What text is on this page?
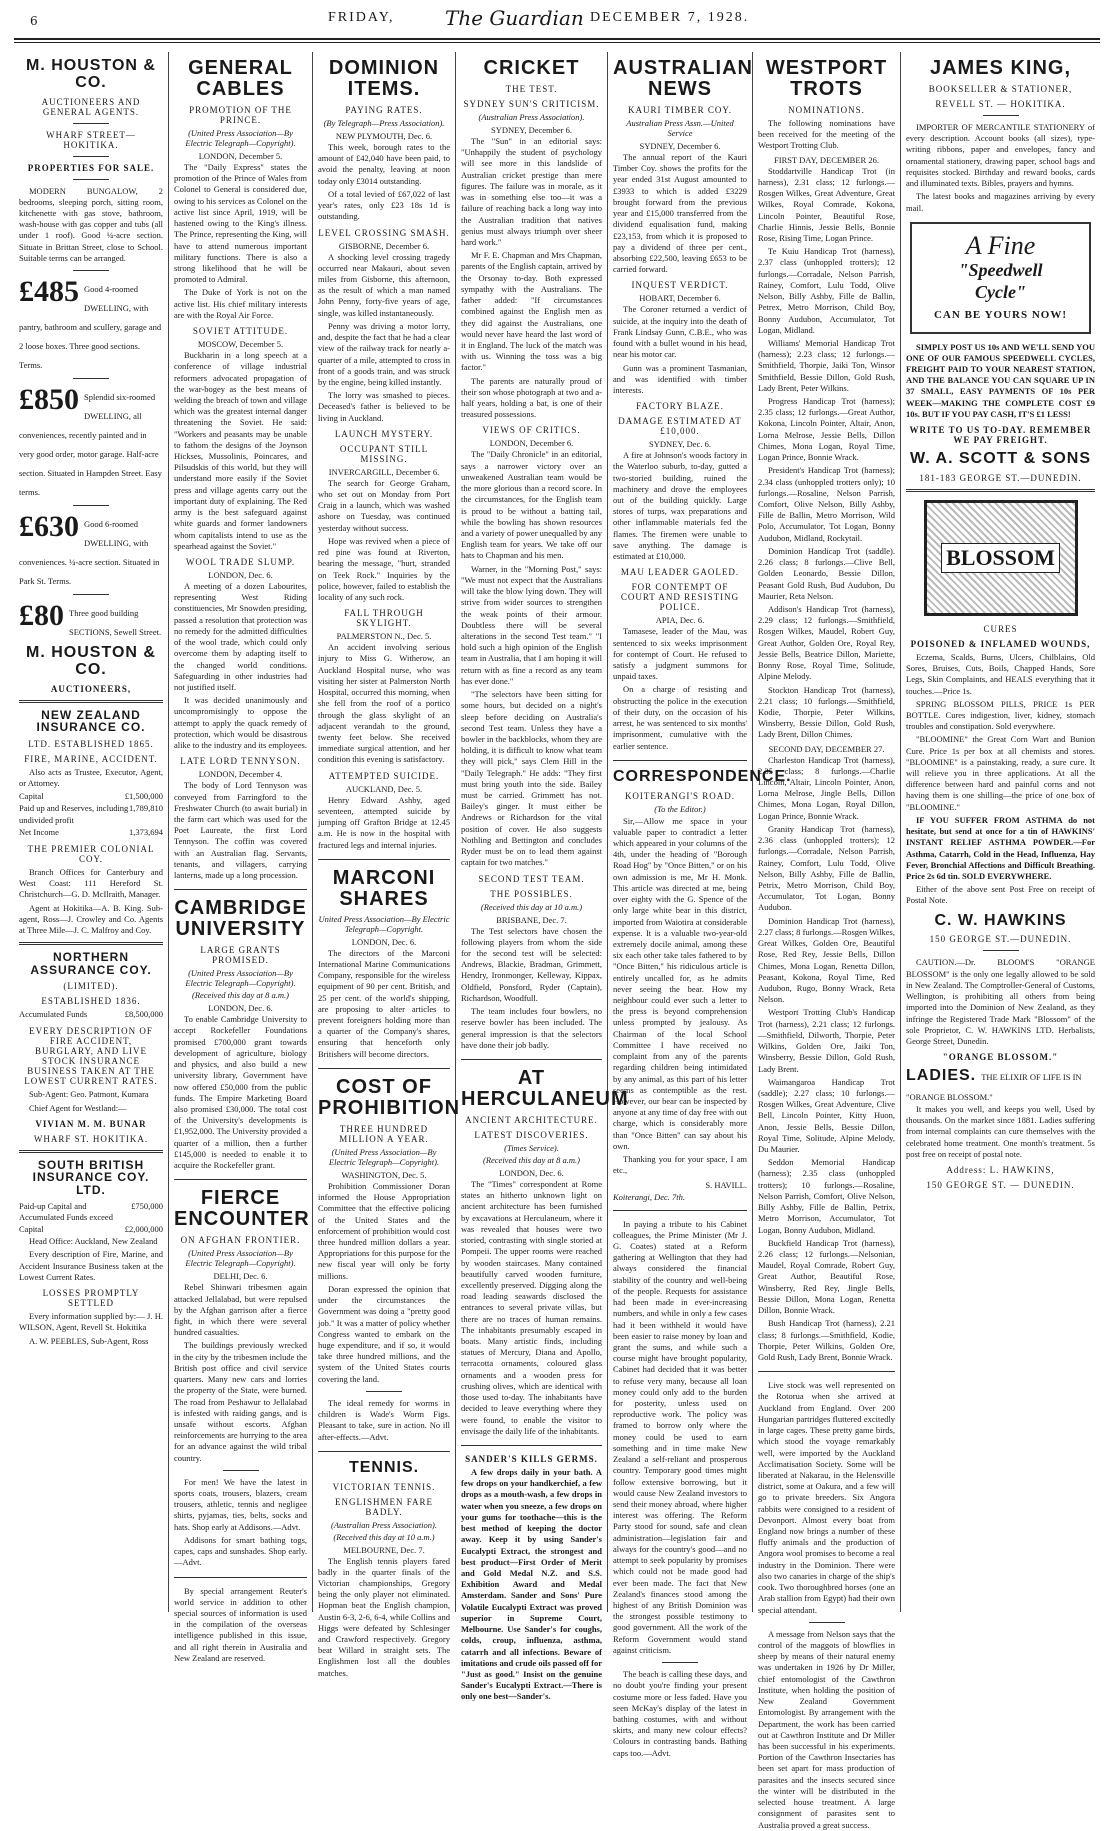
6	FRIDAY,	The Guardian DECEMBER 7, 1928.
M. HOUSTON & CO.
AUCTIONEERS AND GENERAL AGENTS.
WHARF STREET—HOKITIKA.
PROPERTIES FOR SALE.

MODERN BUNGALOW, 2 bedrooms, sleeping porch, sitting room, kitchenette with gas stove, bathroom, wash-house with gas copper and tubs (all under 1 roof). Good ¼-acre section. Situate in Brittan Street, close to School. Suitable terms can be arranged.

£485 Good 4-roomed DWELLING, with pantry, bathroom and scullery, garage and 2 loose boxes. Three good sections. Terms.
£850 Splendid six-roomed DWELLING, all conveniences, recently painted and in very good order, motor garage. Half-acre section. Situated in Hampden Street. Easy terms.
£630 Good 6-roomed DWELLING, with conveniences. ¼-acre section. Situated in Park St. Terms.
£80 Three good building SECTIONS, Sewell Street.
M. HOUSTON & CO.
AUCTIONEERS,
NEW ZEALAND INSURANCE CO.
LTD. ESTABLISHED 1865.
FIRE, MARINE, ACCIDENT.

Also acts as Trustee, Executor, Agent, or Attorney.

Capital	£1,500,000
Paid up and Reserves, including undivided profit
1,789,810
Net Income	1,373,694
THE PREMIER COLONIAL COY.

Branch Offices for Canterbury and West Coast: 111 Hereford St. Christchurch—G. D. McIlraith, Manager.

Agent at Hokitika—A. B. King. Sub-agent, Ross—J. Crowley and Co. Agents at Three Mile—J. C. Malfroy and Coy.

NORTHERN ASSURANCE COY.
(LIMITED).
ESTABLISHED 1836.
Accumulated Funds	£8,500,000
EVERY DESCRIPTION OF FIRE ACCIDENT, BURGLARY, AND LIVE STOCK INSURANCE BUSINESS TAKEN AT THE LOWEST CURRENT RATES.

Sub-Agent: Geo. Patmont, Kumara

Chief Agent for Westland:—

VIVIAN M. M. BUNAR
WHARF ST. HOKITIKA.
SOUTH BRITISH INSURANCE COY. LTD.
Paid-up Capital and Accumulated Funds exceed
£750,000
Capital	£2,000,000

Head Office: Auckland, New Zealand

Every description of Fire, Marine, and Accident Insurance Business taken at the Lowest Current Rates.

LOSSES PROMPTLY SETTLED

Every information supplied by:— J. H. WILSON, Agent, Revell St. Hokitika

A. W. PEEBLES, Sub-Agent, Ross

GENERAL CABLES
PROMOTION OF THE PRINCE.
(United Press Association—By Electric Telegraph—Copyright).
LONDON, December 5.

The "Daily Express" states the promotion of the Prince of Wales from Colonel to General is considered due, owing to his services as Colonel on the active list since April, 1919, will be hastened owing to the King's illness. The Prince, representing the King, will have to attend numerous important military functions. There is also a strong likelihood that he will be promoted to Admiral.

The Duke of York is not on the active list. His chief military interests are with the Royal Air Force.

SOVIET ATTITUDE.
MOSCOW, December 5.

Buckharin in a long speech at a conference of village industrial reformers advocated propagation of the war-bogey as the best means of welding the breach of town and village which was the greatest internal danger threatening the Soviet. He said: "Workers and peasants may be unable to fathom the designs of the Joynson Hickses, Mussolinis, Poincares, and Pilsudskis of this world, but they will understand more easily if the Soviet press and village agents carry out the important duty of explaining. The Red army is the best safeguard against white guards and former landowners whom capitalists intend to use as the spearhead against the Soviet."

WOOL TRADE SLUMP.
LONDON, Dec. 6.

A meeting of a dozen Labourites, representing West Riding constituencies, Mr Snowden presiding, passed a resolution that protection was no remedy for the admitted difficulties of the wool trade, which could only overcome them by adapting itself to the changed world conditions. Safeguarding in other industries had not justified itself.

It was decided unanimously and uncompromisingly to oppose the attempt to apply the quack remedy of protection, which would be disastrous alike to the industry and its employees.

LATE LORD TENNYSON.
LONDON, December 4.

The body of Lord Tennyson was conveyed from Farringford to the Freshwater Church (to await burial) in the farm cart which was used for the Poet Laureate, the first Lord Tennyson. The coffin was covered with an Australian flag. Servants, tenants, and villagers, carrying lanterns, made up a long procession.

CAMBRIDGE UNIVERSITY
LARGE GRANTS PROMISED.
(United Press Association—By Electric Telegraph—Copyright).
(Received this day at 8 a.m.)
LONDON, Dec. 6.

To enable Cambridge University to accept Rockefeller Foundations promised £700,000 grant towards development of agriculture, biology and physics, and also build a new university library, Government have now offered £50,000 from the public funds. The Empire Marketing Board also promised £30,000. The total cost of the University's developments is £1,952,000. The University provided a quarter of a million, then a further £145,000 is needed to enable it to acquire the Rockefeller grant.

FIERCE ENCOUNTER
ON AFGHAN FRONTIER.
(United Press Association—By Electric Telegraph—Copyright).
DELHI, Dec. 6.

Rebel Shinwari tribesmen again attacked Jellalabad, but were repulsed by the Afghan garrison after a fierce fight, in which there were several hundred casualties.

The buildings previously wrecked in the city by the tribesmen include the British post office and civil service quarters. Many new cars and lorries the property of the State, were burned. The road from Peshawur to Jellalabad is infested with raiding gangs, and is unsafe without escorts. Afghan reinforcements are hurrying to the area for an advance against the wild tribal country.

For men! We have the latest in sports coats, trousers, blazers, cream trousers, athletic, tennis and negligee shirts, pyjamas, ties, belts, socks and hats. Shop early at Addisons.—Advt.

Addisons for smart bathing togs, capes, caps and sunshades. Shop early.—Advt.

By special arrangement Reuter's world service in addition to other special sources of information is used in the compilation of the overseas intelligence published in this issue, and all right therein in Australia and New Zealand are reserved.

DOMINION ITEMS.
PAYING RATES.
(By Telegraph—Press Association).
NEW PLYMOUTH, Dec. 6.

This week, borough rates to the amount of £42,040 have been paid, to avoid the penalty, leaving at noon today only £3014 outstanding.

Of a total levied of £67,022 of last year's rates, only £23 18s 1d is outstanding.

LEVEL CROSSING SMASH.
GISBORNE, December 6.

A shocking level crossing tragedy occurred near Makauri, about seven miles from Gisborne, this afternoon, as the result of which a man named John Penny, forty-five years of age, single, was killed instantaneously.

Penny was driving a motor lorry, and, despite the fact that he had a clear view of the railway track for nearly a-quarter of a mile, attempted to cross in front of a goods train, and was struck by the engine, being killed instantly.

The lorry was smashed to pieces. Deceased's father is believed to be living in Auckland.

LAUNCH MYSTERY.
OCCUPANT STILL MISSING.
INVERCARGILL, December 6.

The search for George Graham, who set out on Monday from Port Craig in a launch, which was washed ashore on Tuesday, was continued yesterday without success.

Hope was revived when a piece of red pine was found at Riverton, bearing the message, "hurt, stranded on Teek Rock." Inquiries by the police, however, failed to establish the locality of any such rock.

FALL THROUGH SKYLIGHT.
PALMERSTON N., Dec. 5.

An accident involving serious injury to Miss G. Witherow, an Auckland Hospital nurse, who was visiting her sister at Palmerston North Hospital, occurred this morning, when she fell from the roof of a portico through the glass skylight of an adjacent verandah to the ground, twenty feet below. She received immediate surgical attention, and her condition this evening is satisfactory.

ATTEMPTED SUICIDE.
AUCKLAND, Dec. 5.

Henry Edward Ashby, aged seventeen, attempted suicide by jumping off Grafton Bridge at 12.45 a.m. He is now in the hospital with fractured legs and internal injuries.

MARCONI SHARES
United Press Association—By Electric Telegraph—Copyright.
LONDON, Dec. 6.

The directors of the Marconi International Marine Communications Company, responsible for the wireless equipment of 90 per cent. British, and 25 per cent. of the world's shipping, are proposing to alter articles to prevent foreigners holding more than a quarter of the Company's shares, ensuring that henceforth only Britishers will become directors.

COST OF PROHIBITION
THREE HUNDRED MILLION A YEAR.
(United Press Association—By Electric Telegraph—Copyright).
WASHINGTON, Dec. 5.

Prohibition Commissioner Doran informed the House Appropriation Committee that the effective policing of the United States and the enforcement of prohibition would cost three hundred million dollars a year. Appropriations for this purpose for the new fiscal year will only be forty millions.

Doran expressed the opinion that under the circumstances the Government was doing a "pretty good job." It was a matter of policy whether Congress wanted to embark on the huge expenditure, and if so, it would take three hundred millions, and the system of the United States courts covering the land.

The ideal remedy for worms in children is Wade's Worm Figs. Pleasant to take, sure in action. No ill after-effects.—Advt.

TENNIS.
VICTORIAN TENNIS.
ENGLISHMEN FARE BADLY.
(Australian Press Association).
(Received this day at 10 a.m.)
MELBOURNE, Dec. 7.

The English tennis players fared badly in the quarter finals of the Victorian championships, Gregory being the only player not eliminated. Hopman beat the English champion, Austin 6-3, 2-6, 6-4, while Collins and Higgs were defeated by Schlesinger and Crawford respectively. Gregory beat Willard in straight sets. The Englishmen lost all the doubles matches.

CRICKET
THE TEST.
SYDNEY SUN'S CRITICISM.
(Australian Press Association).
SYDNEY, December 6.

The "Sun" in an editorial says: "Unhappily the student of psychology will see more in this landslide of Australian cricket prestige than mere figures. The failure was in morale, as it was in something else too—it was a failure of reaching back a long way into the Australian tradition that natives genius must always triumph over sheer hard work."

Mr F. E. Chapman and Mrs Chapman, parents of the English captain, arrived by the Orsonay to-day. Both expressed sympathy with the Australians. The father added: "If circumstances combined against the English men as they did against the Australians, one would never have heard the last word of it in England. The luck of the match was with us. Winning the toss was a big factor."

The parents are naturally proud of their son whose photograph at two and a-half years, holding a bat, is one of their treasured possessions.

VIEWS OF CRITICS.
LONDON, December 6.

The "Daily Chronicle" in an editorial, says a narrower victory over an unweakened Australian team would be the more glorious than a record score. In the circumstances, for the English team is proud to be without a batting tail, while the bowling has shown resources and a variety of power unequalled by any English team for years. We take off our hats to Chapman and his men.

Warner, in the "Morning Post," says: "We must not expect that the Australians will take the blow lying down. They will strive from wider sources to strengthen the weak points of their armour. Doubtless there will be several alterations in the second Test team." "I hold such a high opinion of the English team in Australia, that I am hoping it will return with as fine a record as any team has ever done."

"The selectors have been sitting for some hours, but decided on a night's sleep before deciding on Australia's second Test team. Unless they have a bowler in the backblocks, whom they are holding, it is difficult to know what team they will pick," says Clem Hill in the "Daily Telegraph." He adds: "They first must bring youth into the side. Bailey must be carried. Grimmett has not. Bailey's ginger. It must either be Andrews or Richardson for the vital position of cover. He also suggests Nothling and Bettington and concludes Ryder must be on to lead them against captain for two matches."

SECOND TEST TEAM.
THE POSSIBLES.
(Received this day at 10 a.m.)
BRISBANE, Dec. 7.

The Test selectors have chosen the following players from whom the side for the second test will be selected: Andrews, Blackie, Bradman, Grimmett, Hendry, Ironmonger, Kelleway, Kippax, Oldfield, Ponsford, Ryder (Captain), Richardson, Woodfull.

The team includes four bowlers, no reserve bowler has been included. The general impression is that the selectors have done their job badly.

AT HERCULANEUM
ANCIENT ARCHITECTURE.
LATEST DISCOVERIES.
(Times Service).
(Received this day at 8 a.m.)
LONDON, Dec. 6.

The "Times" correspondent at Rome states an hitherto unknown light on ancient architecture has been furnished by excavations at Herculaneum, where it was revealed that houses were two storied, contrasting with single storied at Pompeii. The upper rooms were reached by wooden staircases. Many contained beautifully carved wooden furniture, excellently preserved. Digging along the road leading seawards disclosed the entrances to several private villas, but there are no traces of human remains. The inhabitants presumably escaped in boats. Many artistic finds, including statues of Mercury, Diana and Apollo, terracotta ornaments, coloured glass ornaments and a wooden press for crushing olives, which are identical with those used to-day. The inhabitants have decided to leave everything where they were found, to enable the visitor to envisage the daily life of the inhabitants.

SANDER'S KILLS GERMS.

A few drops daily in your bath. A few drops on your handkerchief, a few drops as a mouth-wash, a few drops in water when you sneeze, a few drops on your gums for toothache—this is the best method of keeping the doctor away. Keep it by using Sander's Eucalypti Extract, the strongest and best product—First Order of Merit and Gold Medal N.Z. and S.S. Exhibition Award and Medal Amsterdam. Sander and Sons' Pure Volatile Eucalypti Extract was proved superior in Supreme Court, Melbourne. Use Sander's for coughs, colds, croup, influenza, asthma, catarrh and all infections. Beware of imitations and crude oils passed off for "Just as good." Insist on the genuine Sander's Eucalypti Extract.—There is only one best—Sander's.

AUSTRALIAN NEWS
KAURI TIMBER COY.
Australian Press Assn.—United Service
SYDNEY, December 6.

The annual report of the Kauri Timber Coy. shows the profits for the year ended 31st August amounted to £3933 to which is added £3229 brought forward from the previous year and £15,000 transferred from the dividend equalisation fund, making £23,153, from which it is proposed to pay a dividend of three per cent., absorbing £22,500, leaving £653 to be carried forward.

INQUEST VERDICT.
HOBART, December 6.

The Coroner returned a verdict of suicide, at the inquiry into the death of Frank Lindsay Gunn, C.B.E., who was found with a bullet wound in his head, near his motor car.

Gunn was a prominent Tasmanian, and was identified with timber interests.

FACTORY BLAZE.
DAMAGE ESTIMATED AT £10,000.
SYDNEY, Dec. 6.

A fire at Johnson's woods factory in the Waterloo suburb, to-day, gutted a two-storied building, ruined the machinery and drove the employees out of the building quickly. Large stores of turps, wax preparations and other inflammable materials fed the flames. The firemen were unable to save anything. The damage is estimated at £10,000.

MAU LEADER GAOLED.
FOR CONTEMPT OF COURT AND RESISTING POLICE.
APIA, Dec. 6.

Tamasese, leader of the Mau, was sentenced to six weeks imprisonment for contempt of Court. He refused to satisfy a judgment summons for unpaid taxes.

On a charge of resisting and obstructing the police in the execution of their duty, on the occasion of his arrest, he was sentenced to six months' imprisonment, cumulative with the earlier sentence.

CORRESPONDENCE.
KOITERANGI'S ROAD.
(To the Editor.)

Sir,—Allow me space in your valuable paper to contradict a letter which appeared in your columns of the 4th, under the heading of "Borough Road Hog" by "Once Bitten," or on his own admission is me, Mr H. Monk. This article was directed at me, being over eighty with the G. Spence of the only large white bear in this district, imported from Waiotira at considerable expense. It is a valuable two-year-old extremely docile animal, among these six each other take tales fathered to by "Once Bitten," his ridiculous article is entirely uncalled for, as he admits never seeing the bear. How my neighbour could ever such a letter to the press is beyond comprehension unless prompted by jealousy. As Chairman of the local School Committee I have received no complaint from any of the parents regarding children being intimidated by any animal, as this part of his letter seems as contemptible as the rest. However, our bear can be inspected by anyone at any time of day free with out charge, which is considerably more than "Once Bitten" can say about his own.

Thanking you for your space, I am etc.,

S. HAVILL.
Koiterangi, Dec. 7th.

In paying a tribute to his Cabinet colleagues, the Prime Minister (Mr J. G. Coates) stated at a Reform gathering at Wellington that they had always considered the financial stability of the country and well-being of the people. Requests for assistance had been made in ever-increasing numbers, and while in only a few cases had it been withheld it would have been easier to raise money by loan and grant the sums, and while such a course might have brought popularity, Cabinet had decided that it was better to refuse very many, because all loan money could only add to the burden for posterity, unless used on reproductive work. The policy was framed to borrow only where the money could be used to earn something and in time make New Zealand a self-reliant and prosperous country. Temporary good times might follow extensive borrowing, but it would cause New Zealand investors to send their money abroad, where higher interest was offering. The Reform Party stood for sound, safe and clean administration—legislation fair and always for the country's good—and no attempt to seek popularity by promises which could not be made good had ever been made. The fact that New Zealand's finances stood among the highest of any British Dominion was the strongest possible testimony to good government. All the work of the Reform Government would stand against criticism.

The beach is calling these days, and no doubt you're finding your present costume more or less faded. Have you seen McKay's display of the latest in bathing costumes, with and without skirts, and many new colour effects? Colours in contrasting bands. Bathing caps too.—Advt.

WESTPORT TROTS
NOMINATIONS.

The following nominations have been received for the meeting of the Westport Trotting Club.

FIRST DAY, DECEMBER 26.

Stoddartville Handicap Trot (in harness), 2.31 class; 12 furlongs.—Rosgen Wilkes, Great Adventure, Great Wilkes, Royal Comrade, Kokona, Lincoln Pointer, Beautiful Rose, Charlie Hinnis, Jessie Bells, Bonnie Rose, Rising Time, Logan Prince.

Te Kuiu Handicap Trot (harness), 2.37 class (unhoppled trotters); 12 furlongs.—Corradale, Nelson Parrish, Rainey, Comfort, Lulu Todd, Olive Nelson, Billy Ashby, Fille de Ballin, Petrex, Metro Morrison, Child Boy, Bonny Audubon, Accumulator, Tot Logan, Midland.

Williams' Memorial Handicap Trot (harness); 2.23 class; 12 furlongs.—Smithfield, Thorpie, Jaiki Ton, Winsor Smithfield, Bessie Dillon, Gold Rush, Lady Brent, Peter Wilkins.

Progress Handicap Trot (harness); 2.35 class; 12 furlongs.—Great Author, Kokona, Lincoln Pointer, Altair, Anon, Lorna Melrose, Jessie Bells, Dillon Chimes, Mona Logan, Royal Time, Logan Prince, Bonnie Wrack.

President's Handicap Trot (harness); 2.34 class (unhoppled trotters only); 10 furlongs.—Rosaline, Nelson Parrish, Comfort, Olive Nelson, Billy Ashby, Fille de Ballin, Metro Morrison, Wild Polo, Accumulator, Tot Logan, Bonny Audubon, Midland, Rockytail.

Dominion Handicap Trot (saddle). 2.26 class; 8 furlongs.—Clive Bell, Golden Leonardo, Bessie Dillon, Peasant Gold Rush, Bud Audubon, Du Maurier, Reta Nelson.

Addison's Handicap Trot (harness), 2.29 class; 12 furlongs.—Smithfield, Rosgen Wilkes, Maudel, Robert Guy, Great Author, Golden Ore, Royal Rey, Jessie Bells, Beatrice Dillon, Mariette, Bonny Rose, Royal Time, Solitude, Alpine Melody.

Stockton Handicap Trot (harness), 2.21 class; 10 furlongs.—Smithfield, Kodie, Thorpie, Peter Wilkins, Winsberry, Bessie Dillon, Gold Rush, Lady Brent, Dillon Chimes.

SECOND DAY, DECEMBER 27.

Charleston Handicap Trot (harness), 2.35 class; 8 furlongs.—Charlie Lincoln, Altair, Lincoln Pointer, Anon, Lorna Melrose, Jingle Bells, Dillon Chimes, Mona Logan, Royal Dillon, Logan Prince, Bonnie Wrack.

Granity Handicap Trot (harness), 2.36 class (unhoppled trotters); 12 furlongs.—Corradale, Nelson Parrish, Rainey, Comfort, Lulu Todd, Olive Nelson, Billy Ashby, Fille de Ballin, Petrix, Metro Morrison, Child Boy, Accumulator, Tot Logan, Bonny Audubon.

Dominion Handicap Trot (harness), 2.27 class; 8 furlongs.—Rosgen Wilkes, Great Wilkes, Golden Ore, Beautiful Rose, Red Rey, Jessie Bells, Dillon Chimes, Mona Logan, Renetta Dillon, Peasant, Kokona, Royal Time, Red Audubon, Rugo, Bonny Wrack, Reta Nelson.

Westport Trotting Club's Handicap Trot (harness), 2.21 class; 12 furlongs.—Smithfield, Dilworth, Thorpie, Peter Wilkins, Golden Ore, Jaiki Ton, Winsberry, Bessie Dillon, Gold Rush, Lady Brent.

Waimangaroa Handicap Trot (saddle); 2.27 class; 10 furlongs.—Rosgen Wilkes, Great Adventure, Clive Bell, Lincoln Pointer, Kitty Huon, Anon, Jessie Bells, Bessie Dillon, Royal Time, Solitude, Alpine Melody, Du Maurier.

Seddon Memorial Handicap (harness); 2.35 class (unhoppled trotters); 10 furlongs.—Rosaline, Nelson Parrish, Comfort, Olive Nelson, Billy Ashby, Fille de Ballin, Petrix, Metro Morrison, Accumulator, Tot Logan, Bonny Audubon, Midland.

Buckfield Handicap Trot (harness), 2.26 class; 12 furlongs.—Nelsonian, Maudel, Royal Comrade, Robert Guy, Great Author, Beautiful Rose, Winsberry, Red Rey, Jingle Bells, Bessie Dillon, Mona Logan, Renetta Dillon, Bonnie Wrack.

Bush Handicap Trot (harness), 2.21 class; 8 furlongs.—Smithfield, Kodie, Thorpie, Peter Wilkins, Golden Ore, Gold Rush, Lady Brent, Bonnie Wrack.

Live stock was well represented on the Rotorua when she arrived at Auckland from England. Over 200 Hungarian partridges fluttered excitedly in large cages. These pretty game birds, which stood the voyage remarkably well, were imported by the Auckland Acclimatisation Society. Some will be liberated at Nakarau, in the Helensville district, some at Oakura, and a few will go to private breeders. Six Angora rabbits were consigned to a resident of Devonport. Almost every boat from England now brings a number of these fluffy animals and the production of Angora wool promises to become a real industry in the Dominion. There were also two canaries in charge of the ship's cook. Two thoroughbred horses (one an Arab stallion from Egypt) had their own special attendant.

A message from Nelson says that the control of the maggots of blowflies in sheep by means of their natural enemy was undertaken in 1926 by Dr Miller, chief entomologist of the Cawthron Institute, when holding the position of New Zealand Government Entomologist. By arrangement with the Department, the work has been carried out at Cawthron Institute and Dr Miller has been successful in his experiments. Portion of the Cawthron Insectaries has been set apart for mass production of parasites and the insects secured since the winter will be distributed in the selected house treatment. A large consignment of parasites sent to Australia proved a great success.

JAMES KING,
BOOKSELLER & STATIONER,
REVELL ST. — HOKITIKA.

IMPORTER OF MERCANTILE STATIONERY of every description. Account books (all sizes), type-writing ribbons, paper and envelopes, fancy and ornamental stationery, drawing paper, school bags and requisites stocked. Birthday and reward books, cards and illuminated texts. Bibles, prayers and hymns.

The latest books and magazines arriving by every mail.

A Fine
"Speedwell
Cycle"
CAN BE YOURS NOW!

SIMPLY POST US 10s AND WE'LL SEND YOU ONE OF OUR FAMOUS SPEEDWELL CYCLES, FREIGHT PAID TO YOUR NEAREST STATION, AND THE BALANCE YOU CAN SQUARE UP IN 37 SMALL, EASY PAYMENTS OF 10s PER WEEK—MAKING THE COMPLETE COST £9 10s. BUT IF YOU PAY CASH, IT'S £1 LESS!

WRITE TO US TO-DAY. REMEMBER WE PAY FREIGHT.
W. A. SCOTT & SONS
181-183 GEORGE ST.—DUNEDIN.
BLOSSOM
CURES
POISONED & INFLAMED WOUNDS,

Eczema, Scalds, Burns, Ulcers, Chilblains, Old Sores, Bruises, Cuts, Boils, Chapped Hands, Sore Legs, Skin Complaints, and HEALS everything that it touches.—Price 1s.

SPRING BLOSSOM PILLS, PRICE 1s PER BOTTLE. Cures indigestion, liver, kidney, stomach troubles and constipation. Sold everywhere.

"BLOOMINE" the Great Corn Wart and Bunion Cure. Price 1s per box at all chemists and stores. "BLOOMINE" is a painstaking, ready, a sure cure. It will relieve you in three applications. At all the difference between hard and painful corns and not having them is one shilling—the price of one box of "BLOOMINE."

IF YOU SUFFER FROM ASTHMA do not hesitate, but send at once for a tin of HAWKINS' INSTANT RELIEF ASTHMA POWDER.—For Asthma, Catarrh, Cold in the Head, Influenza, Hay Fever, Bronchial Affections and Difficult Breathing. Price 2s 6d tin. SOLD EVERYWHERE.

Either of the above sent Post Free on receipt of Postal Note.

C. W. HAWKINS
150 GEORGE ST.—DUNEDIN.

CAUTION.—Dr. BLOOM'S "ORANGE BLOSSOM" is the only one legally allowed to be sold in New Zealand. The Comptroller-General of Customs, Wellington, is prohibiting all others from being imported into the Dominion of New Zealand, as they infringe the Registered Trade Mark "Blossom" of the sole Proprietor, C. W. HAWKINS LTD. Herbalists, George Street, Dunedin.

"ORANGE BLOSSOM."
LADIES. THE ELIXIR OF LIFE IS IN "ORANGE BLOSSOM."

It makes you well, and keeps you well, Used by thousands. On the market since 1881. Ladies suffering from internal complaints can cure themselves with the celebrated home treatment. One month's treatment. 5s post free on receipt of postal note.

Address: L. HAWKINS,
150 GEORGE ST. — DUNEDIN.
